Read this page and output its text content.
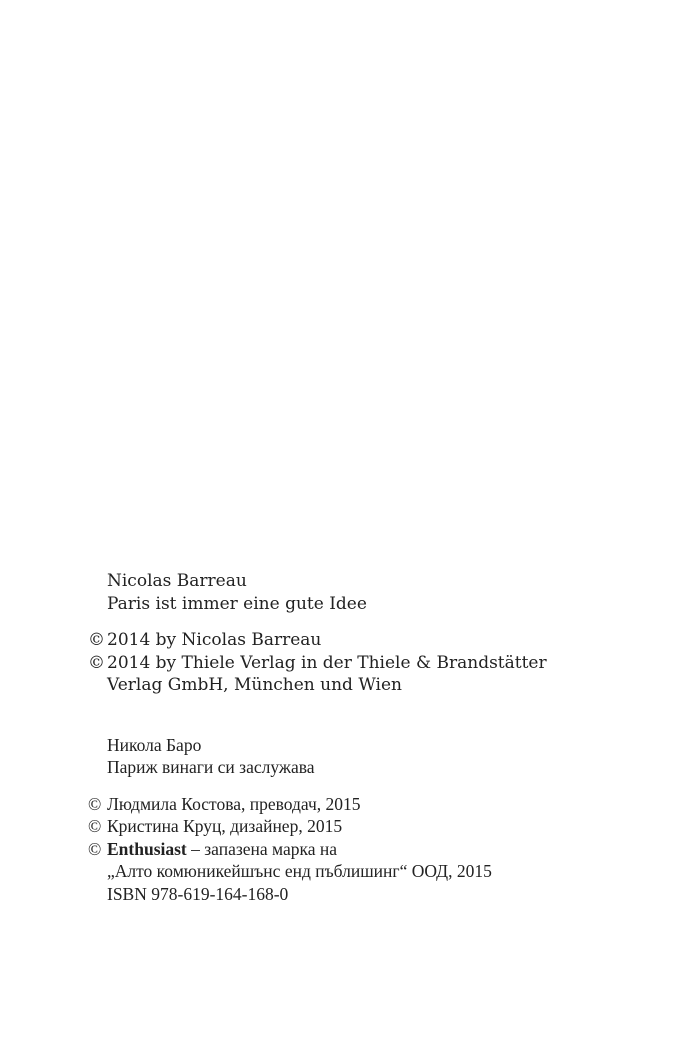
Nicolas Barreau
Paris ist immer eine gute Idee
© 2014 by Nicolas Barreau
© 2014 by Thiele Verlag in der Thiele & Brandstätter
Verlag GmbH, München und Wien
Никола Баро
Париж винаги си заслужава
© Людмила Костова, преводач, 2015
© Кристина Круц, дизайнер, 2015
© Enthusiast – запазена марка на
„Алто комюникейшънс енд пъблишинг“ ООД, 2015
ISBN 978-619-164-168-0
